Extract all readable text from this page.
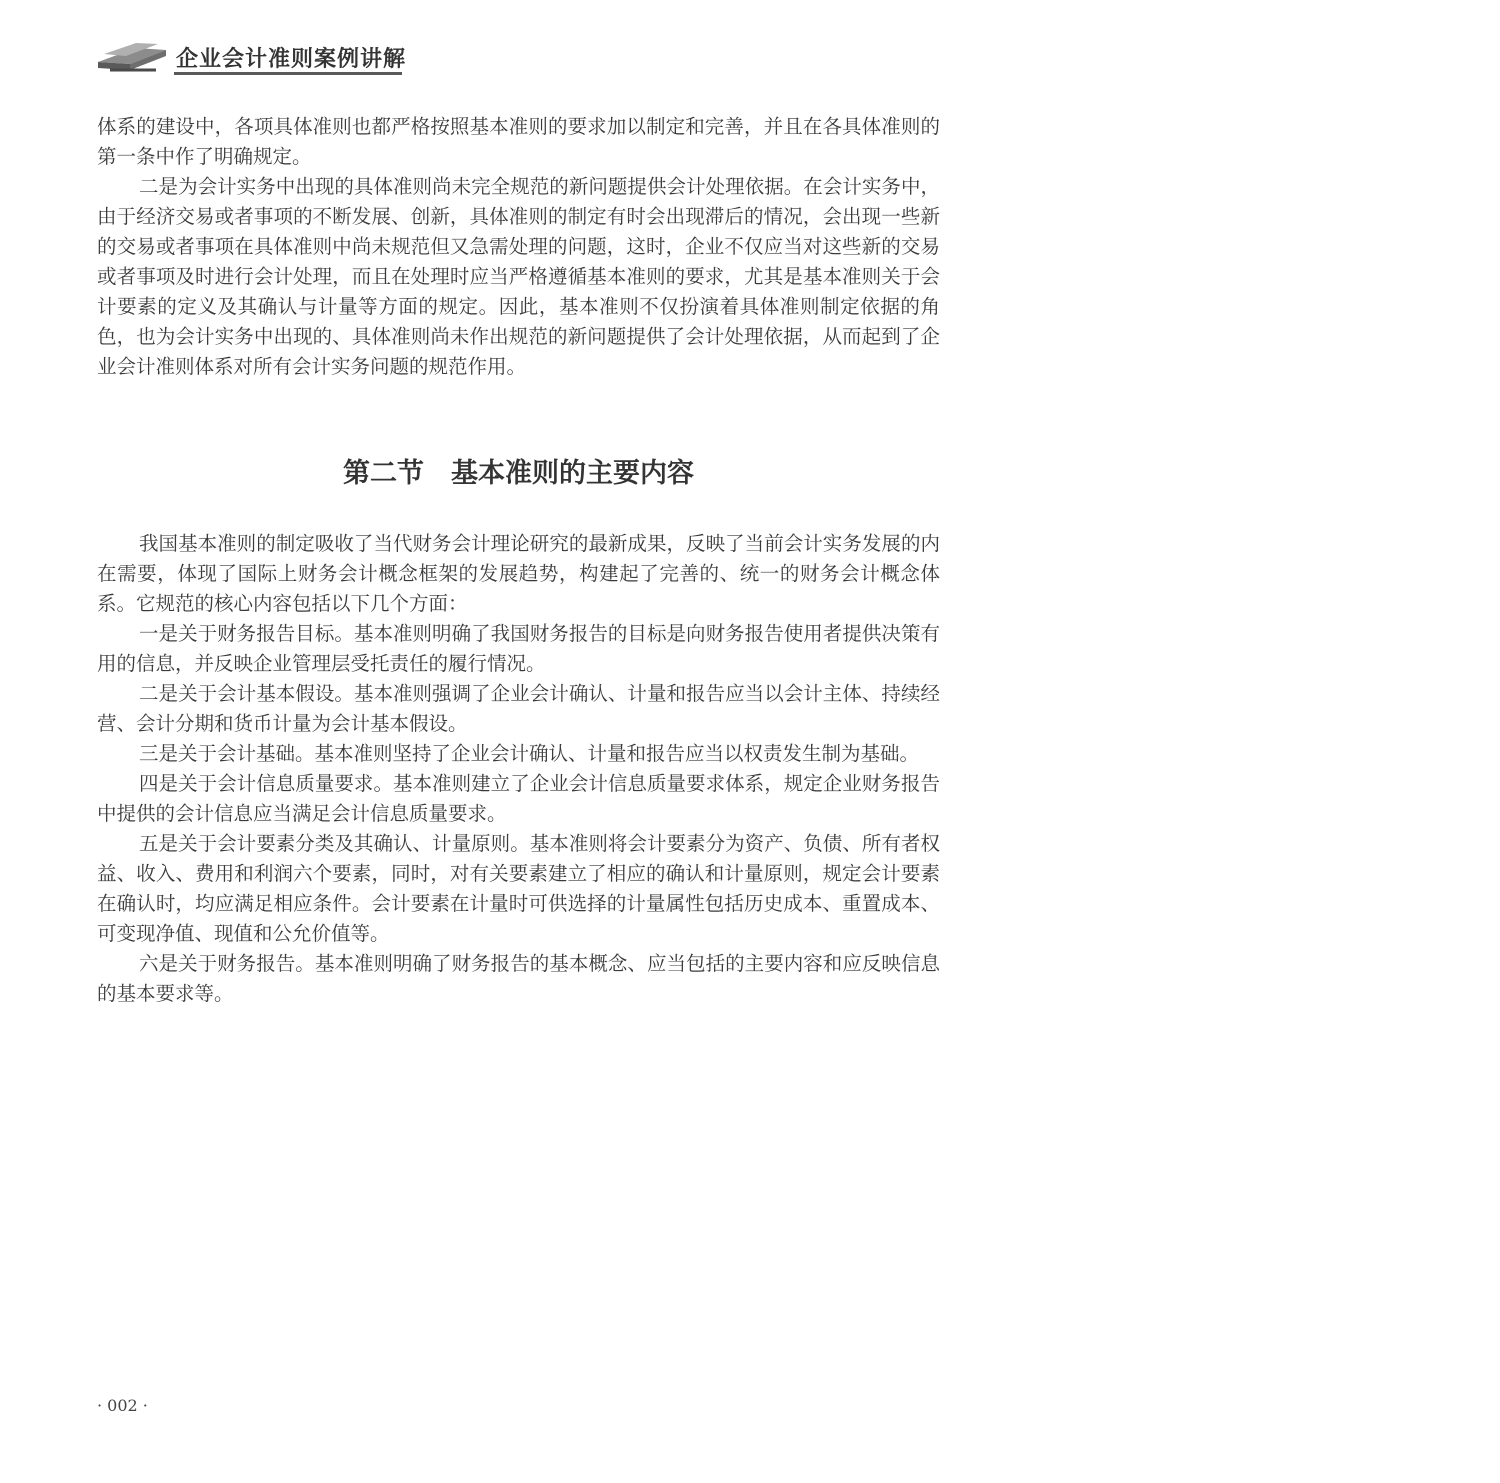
企业会计准则案例讲解

体系的建设中，各项具体准则也都严格按照基本准则的要求加以制定和完善，并且在各具体准则的第一条中作了明确规定。

二是为会计实务中出现的具体准则尚未完全规范的新问题提供会计处理依据。在会计实务中，由于经济交易或者事项的不断发展、创新，具体准则的制定有时会出现滞后的情况，会出现一些新的交易或者事项在具体准则中尚未规范但又急需处理的问题，这时，企业不仅应当对这些新的交易或者事项及时进行会计处理，而且在处理时应当严格遵循基本准则的要求，尤其是基本准则关于会计要素的定义及其确认与计量等方面的规定。因此，基本准则不仅扮演着具体准则制定依据的角色，也为会计实务中出现的、具体准则尚未作出规范的新问题提供了会计处理依据，从而起到了企业会计准则体系对所有会计实务问题的规范作用。

第二节　基本准则的主要内容

我国基本准则的制定吸收了当代财务会计理论研究的最新成果，反映了当前会计实务发展的内在需要，体现了国际上财务会计概念框架的发展趋势，构建起了完善的、统一的财务会计概念体系。它规范的核心内容包括以下几个方面：

一是关于财务报告目标。基本准则明确了我国财务报告的目标是向财务报告使用者提供决策有用的信息，并反映企业管理层受托责任的履行情况。

二是关于会计基本假设。基本准则强调了企业会计确认、计量和报告应当以会计主体、持续经营、会计分期和货币计量为会计基本假设。

三是关于会计基础。基本准则坚持了企业会计确认、计量和报告应当以权责发生制为基础。

四是关于会计信息质量要求。基本准则建立了企业会计信息质量要求体系，规定企业财务报告中提供的会计信息应当满足会计信息质量要求。

五是关于会计要素分类及其确认、计量原则。基本准则将会计要素分为资产、负债、所有者权益、收入、费用和利润六个要素，同时，对有关要素建立了相应的确认和计量原则，规定会计要素在确认时，均应满足相应条件。会计要素在计量时可供选择的计量属性包括历史成本、重置成本、可变现净值、现值和公允价值等。

六是关于财务报告。基本准则明确了财务报告的基本概念、应当包括的主要内容和应反映信息的基本要求等。

· 002 ·
